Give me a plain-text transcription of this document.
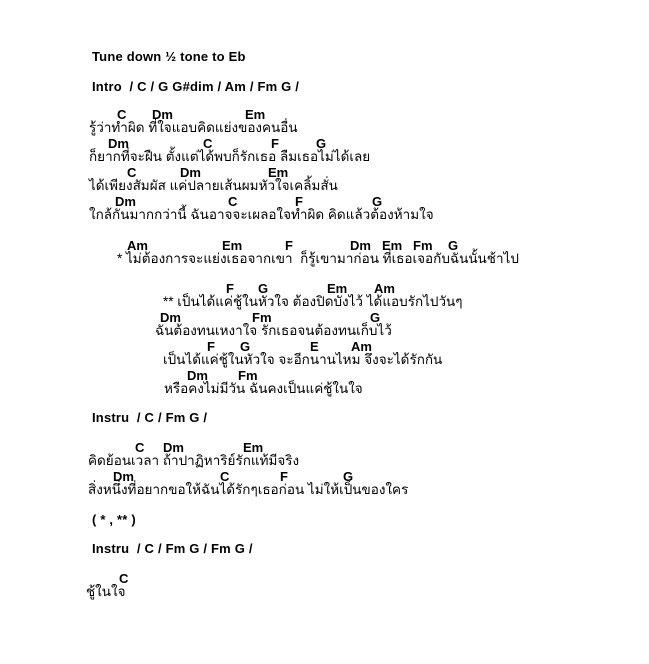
Tune down ½ tone to Eb
Intro  / C / G G#dim / Am / Fm G /
C Dm	Em
รู้ว่าทำผิด ที่ใจแอบคิดแย่งของคนอื่น
Dm	C	F	G
ก็ยากที่จะฝืน ตั้งแต่ได้พบก็รักเธอ ลืมเธอไม่ได้เลย
C	Dm	Em
ได้เพียงสัมผัส แค่ปลายเส้นผมหัวใจเคลิ้มสั่น
Dm	C	F	G
ใกล้กันมากกว่านี้ ฉันอาจจะเผลอใจทำผิด คิดแล้วต้องห้ามใจ
Am	Em	F	Dm Em Fm G
* ไม่ต้องการจะแย่งเธอจากเขา  ก็รู้เขามาก่อน ที่เธอเจอกับฉันนั้นช้าไป
F G	Em Am
** เป็นได้แค่ชู้ในหัวใจ ต้องปิดบังไว้ ได้แอบรักไปวันๆ
Dm	Fm	G
ฉันต้องทนเหงาใจ รักเธอจนต้องทนเก็บไว้
F G	E Am
เป็นได้แค่ชู้ในหัวใจ จะอีกนานไหม จึงจะได้รักกัน
Dm Fm
หรือคงไม่มีวัน ฉันคงเป็นแค่ชู้ในใจ
Instru  / C / Fm G /
C Dm	Em
คิดย้อนเวลา ถ้าปาฏิหาริย์รักแท้มีจริง
Dm	C	F	G
สิ่งหนึ่งที่อยากขอให้ฉันได้รักๆเธอก่อน ไม่ให้เป็นของใคร
( * , ** )
Instru  / C / Fm G / Fm G /
C
ชู้ในใจ
